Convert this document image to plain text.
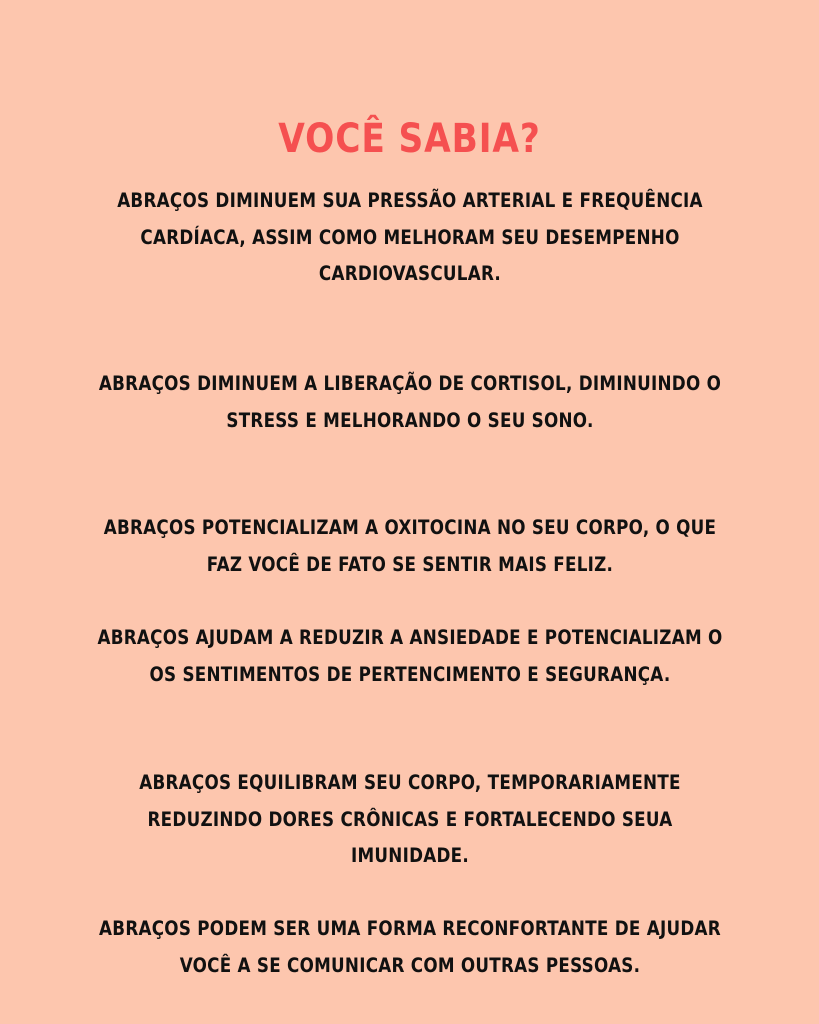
VOCÊ SABIA?

ABRAÇOS DIMINUEM SUA PRESSÃO ARTERIAL E FREQUÊNCIA
CARDÍACA, ASSIM COMO MELHORAM SEU DESEMPENHO
CARDIOVASCULAR.

ABRAÇOS DIMINUEM A LIBERAÇÃO DE CORTISOL, DIMINUINDO O
STRESS E MELHORANDO O SEU SONO.

ABRAÇOS POTENCIALIZAM A OXITOCINA NO SEU CORPO, O QUE
FAZ VOCÊ DE FATO SE SENTIR MAIS FELIZ.

ABRAÇOS AJUDAM A REDUZIR A ANSIEDADE E POTENCIALIZAM O
OS SENTIMENTOS DE PERTENCIMENTO E SEGURANÇA.

ABRAÇOS EQUILIBRAM SEU CORPO, TEMPORARIAMENTE
REDUZINDO DORES CRÔNICAS E FORTALECENDO SEUA
IMUNIDADE.

ABRAÇOS PODEM SER UMA FORMA RECONFORTANTE DE AJUDAR
VOCÊ A SE COMUNICAR COM OUTRAS PESSOAS.
